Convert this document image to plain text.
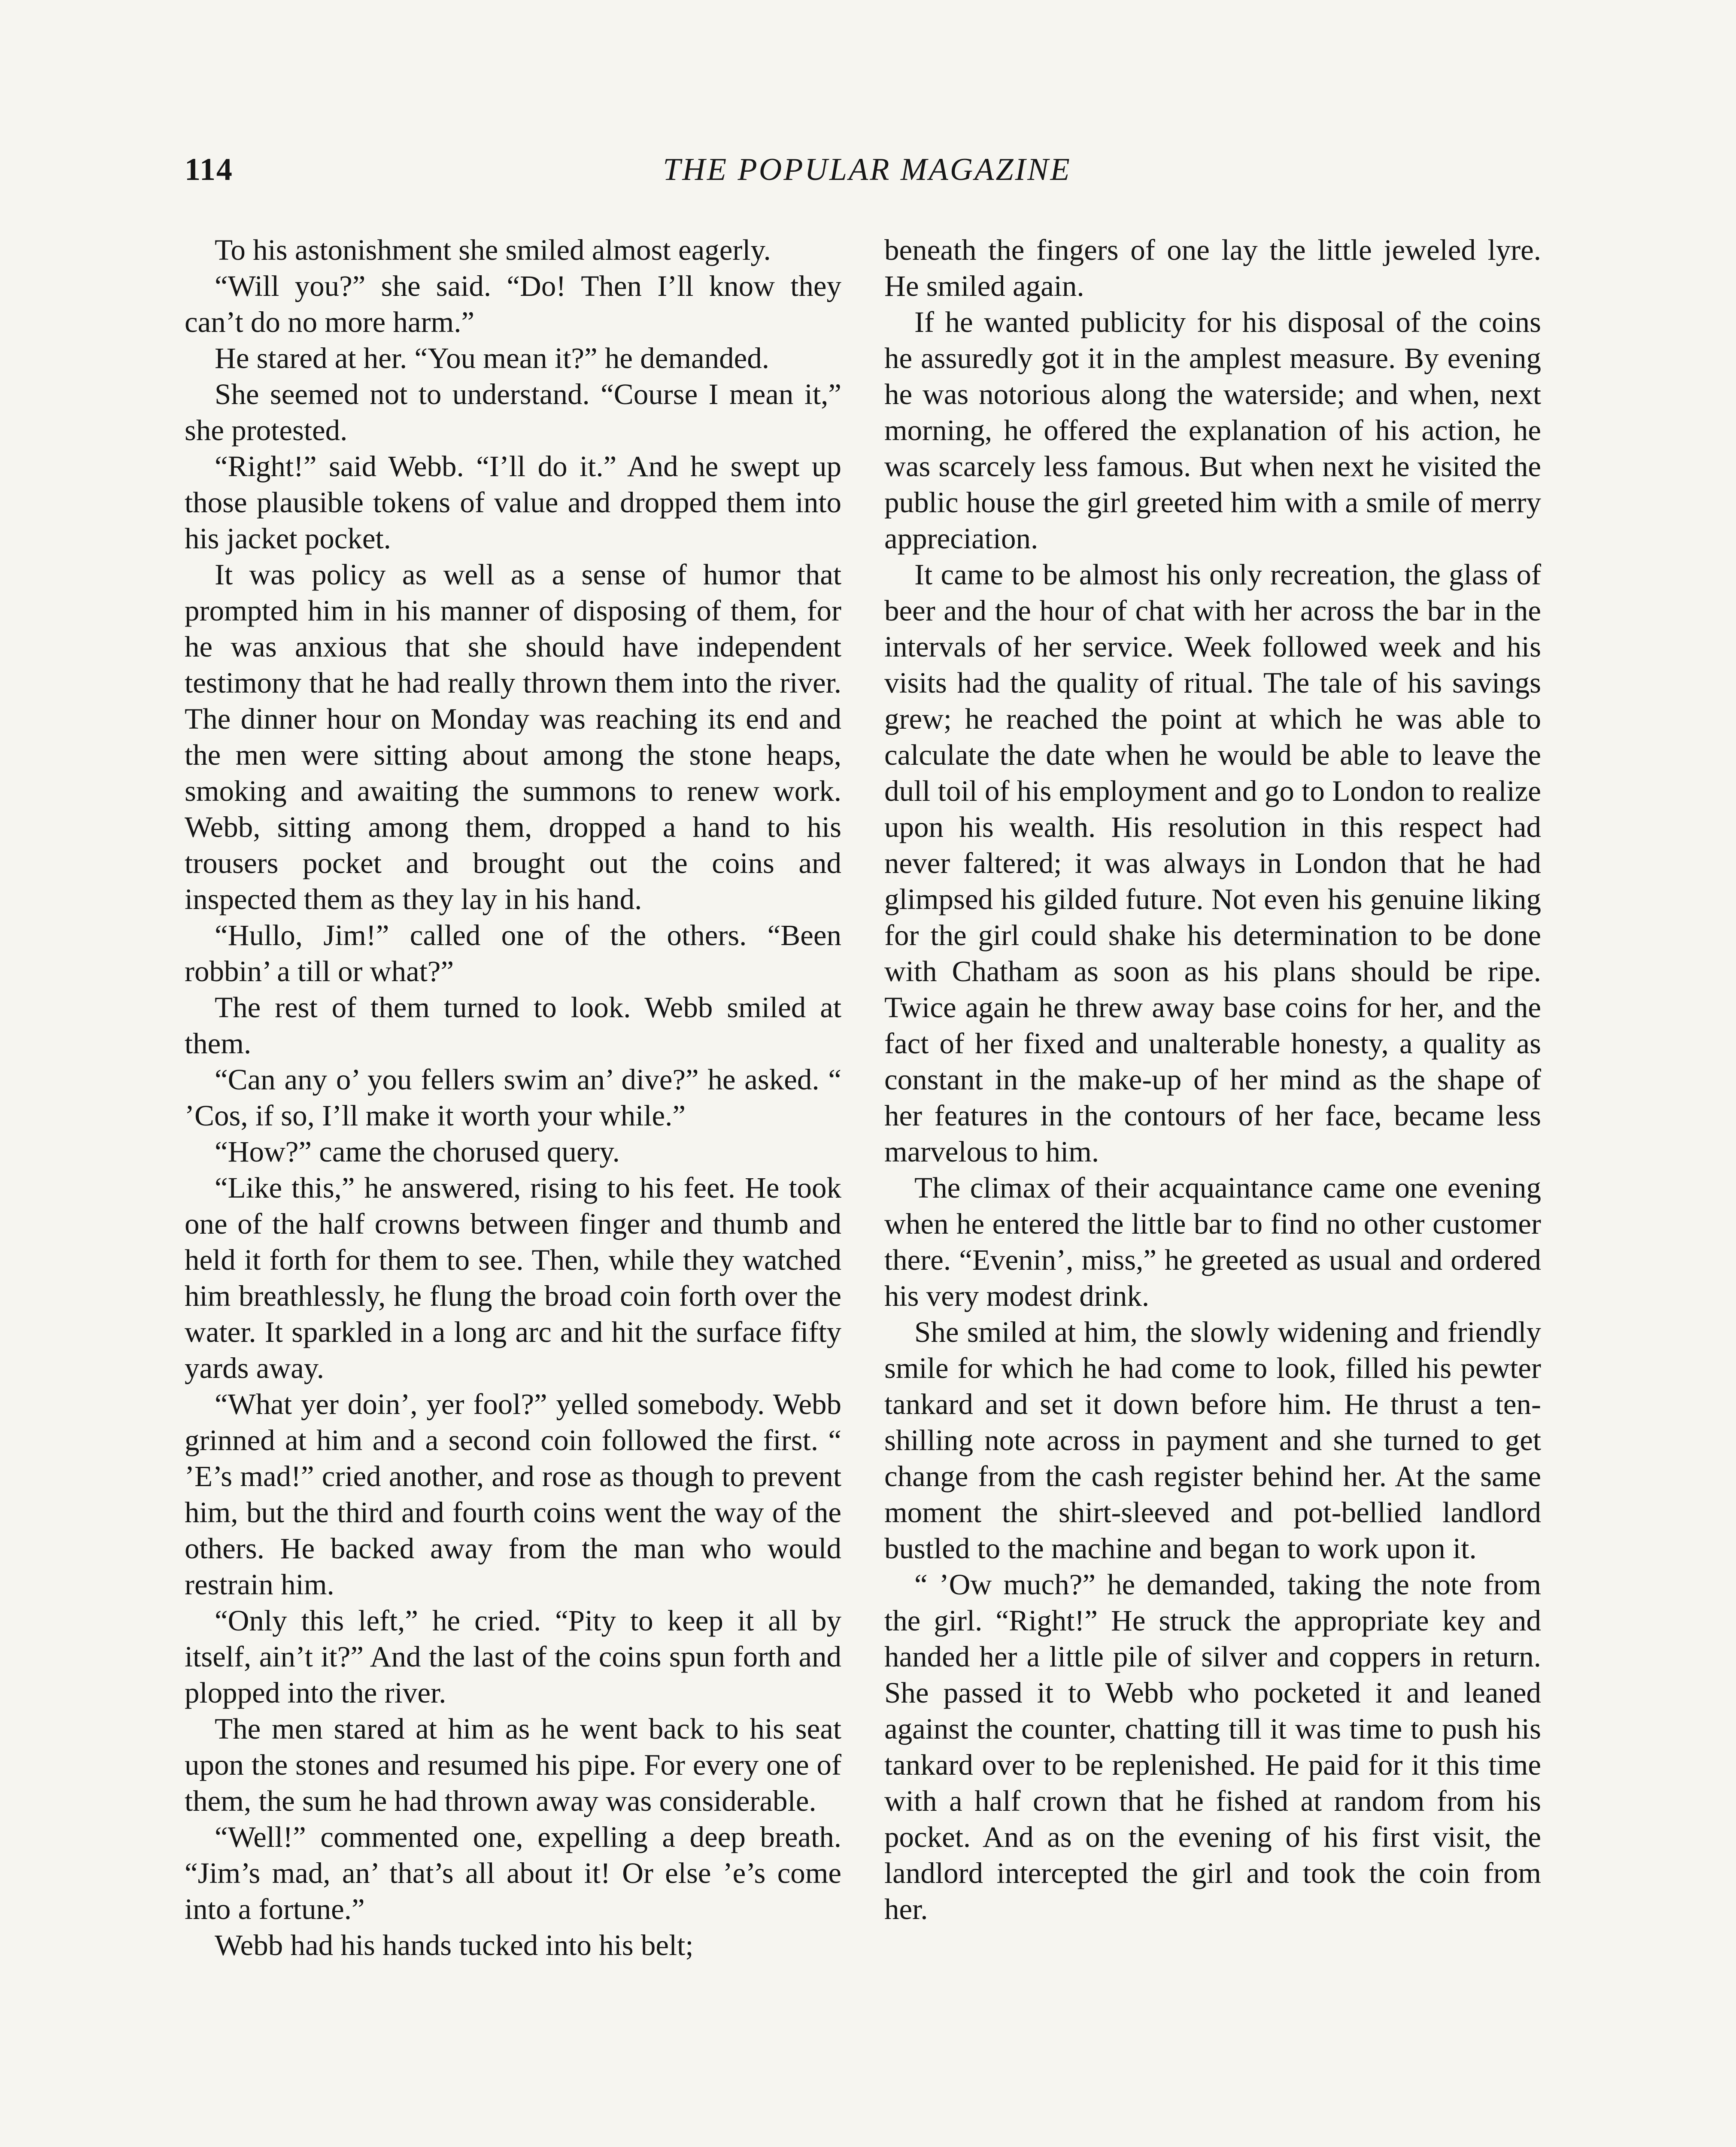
114	THE POPULAR MAGAZINE

To his astonishment she smiled almost eagerly.

“Will you?” she said. “Do! Then I’ll know they can’t do no more harm.”

He stared at her. “You mean it?” he demanded.

She seemed not to understand. “Course I mean it,” she protested.

“Right!” said Webb. “I’ll do it.” And he swept up those plausible tokens of value and dropped them into his jacket pocket.

It was policy as well as a sense of humor that prompted him in his manner of disposing of them, for he was anxious that she should have independent testimony that he had really thrown them into the river. The dinner hour on Monday was reaching its end and the men were sitting about among the stone heaps, smoking and awaiting the summons to renew work. Webb, sitting among them, dropped a hand to his trousers pocket and brought out the coins and inspected them as they lay in his hand.

“Hullo, Jim!” called one of the others. “Been robbin’ a till or what?”

The rest of them turned to look. Webb smiled at them.

“Can any o’ you fellers swim an’ dive?” he asked. “ ’Cos, if so, I’ll make it worth your while.”

“How?” came the chorused query.

“Like this,” he answered, rising to his feet. He took one of the half crowns between finger and thumb and held it forth for them to see. Then, while they watched him breathlessly, he flung the broad coin forth over the water. It sparkled in a long arc and hit the surface fifty yards away.

“What yer doin’, yer fool?” yelled somebody. Webb grinned at him and a second coin followed the first. “ ’E’s mad!” cried another, and rose as though to prevent him, but the third and fourth coins went the way of the others. He backed away from the man who would restrain him.

“Only this left,” he cried. “Pity to keep it all by itself, ain’t it?” And the last of the coins spun forth and plopped into the river.

The men stared at him as he went back to his seat upon the stones and resumed his pipe. For every one of them, the sum he had thrown away was considerable.

“Well!” commented one, expelling a deep breath. “Jim’s mad, an’ that’s all about it! Or else ’e’s come into a fortune.”

Webb had his hands tucked into his belt;

beneath the fingers of one lay the little jeweled lyre. He smiled again.

If he wanted publicity for his disposal of the coins he assuredly got it in the amplest measure. By evening he was notorious along the waterside; and when, next morning, he offered the explanation of his action, he was scarcely less famous. But when next he visited the public house the girl greeted him with a smile of merry appreciation.

It came to be almost his only recreation, the glass of beer and the hour of chat with her across the bar in the intervals of her service. Week followed week and his visits had the quality of ritual. The tale of his savings grew; he reached the point at which he was able to calculate the date when he would be able to leave the dull toil of his employment and go to London to realize upon his wealth. His resolution in this respect had never faltered; it was always in London that he had glimpsed his gilded future. Not even his genuine liking for the girl could shake his determination to be done with Chatham as soon as his plans should be ripe. Twice again he threw away base coins for her, and the fact of her fixed and unalterable honesty, a quality as constant in the make-up of her mind as the shape of her features in the contours of her face, became less marvelous to him.

The climax of their acquaintance came one evening when he entered the little bar to find no other customer there. “Evenin’, miss,” he greeted as usual and ordered his very modest drink.

She smiled at him, the slowly widening and friendly smile for which he had come to look, filled his pewter tankard and set it down before him. He thrust a ten-shilling note across in payment and she turned to get change from the cash register behind her. At the same moment the shirt-sleeved and pot-bellied landlord bustled to the machine and began to work upon it.

“ ’Ow much?” he demanded, taking the note from the girl. “Right!” He struck the appropriate key and handed her a little pile of silver and coppers in return. She passed it to Webb who pocketed it and leaned against the counter, chatting till it was time to push his tankard over to be replenished. He paid for it this time with a half crown that he fished at random from his pocket. And as on the evening of his first visit, the landlord intercepted the girl and took the coin from her.
